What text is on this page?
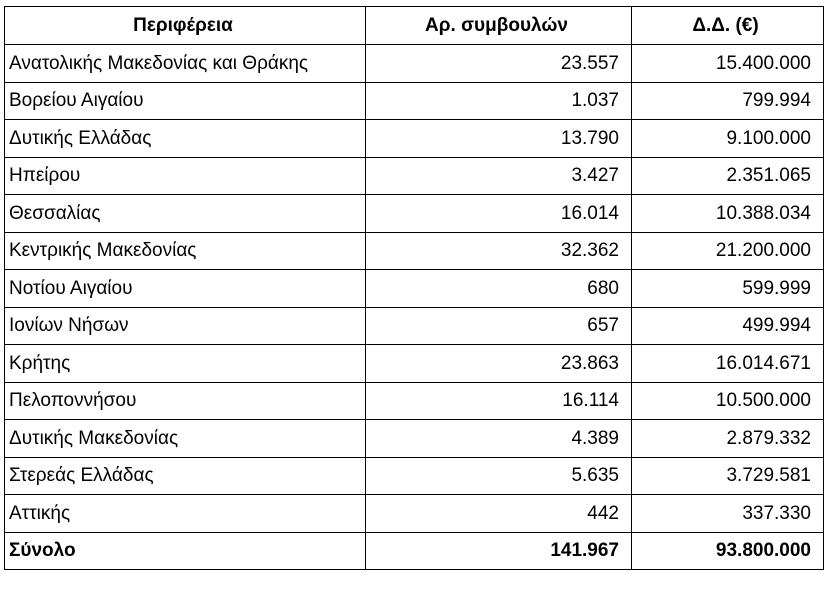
Περιφέρεια	Αρ. συμβουλών	Δ.Δ. (€)
Ανατολικής Μακεδονίας και Θράκης	23.557	15.400.000
Βορείου Αιγαίου	1.037	799.994
Δυτικής Ελλάδας	13.790	9.100.000
Ηπείρου	3.427	2.351.065
Θεσσαλίας	16.014	10.388.034
Κεντρικής Μακεδονίας	32.362	21.200.000
Νοτίου Αιγαίου	680	599.999
Ιονίων Νήσων	657	499.994
Κρήτης	23.863	16.014.671
Πελοποννήσου	16.114	10.500.000
Δυτικής Μακεδονίας	4.389	2.879.332
Στερεάς Ελλάδας	5.635	3.729.581
Αττικής	442	337.330
Σύνολο	141.967	93.800.000
